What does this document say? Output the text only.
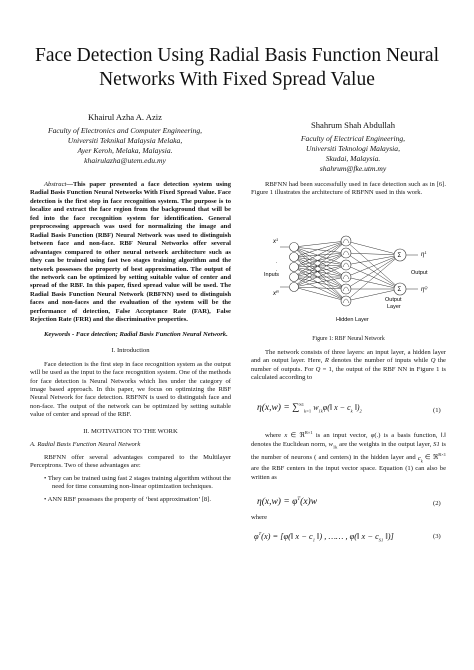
Face Detection Using Radial Basis Function Neural
Networks With Fixed Spread Value
Khairul Azha A. Aziz
Faculty of Electronics and Computer Engineering,
Universiti Teknikal Malaysia Melaka,
Ayer Keroh, Melaka, Malaysia.
khairulazha@utem.edu.my
Shahrum Shah Abdullah
Faculty of Electrical Engineering,
Universiti Teknologi Malaysia,
Skudai, Malaysia.
shahrum@fke.utm.my

Abstract—This paper presented a face detection system using Radial Basis Function Neural Networks With Fixed Spread Value. Face detection is the first step in face recognition system. The purpose is to localize and extract the face region from the background that will be fed into the face recognition system for identification. General preprocessing approach was used for normalizing the image and Radial Basis Function (RBF) Neural Network was used to distinguish between face and non-face. RBF Neural Networks offer several advantages compared to other neural network architecture such as they can be trained using fast two stages training algorithm and the network possesses the property of best approximation. The output of the network can be optimized by setting suitable value of center and spread of the RBF. In this paper, fixed spread value will be used. The Radial Basis Function Neural Network (RBFNN) used to distinguish faces and non-faces and the evaluation of the system will be the performance of detection, False Acceptance Rate (FAR), False Rejection Rate (FRR) and the discriminative properties.

Keywords - Face detection; Radial Basis Function Neural Network.

I. Introduction

Face detection is the first step in face recognition system as the output will be used as the input to the face recognition system. One of the methods for face detection is Neural Networks which lies under the category of image based approach. In this paper, we focus on optimizing the RBF Neural Network for face detection. RBFNN is used to distinguish face and non-face. The output of the network can be optimized by setting suitable value of center and spread of the RBF.

II. MOTIVATION TO THE WORK

A. Radial Basis Function Neural Network

RBFNN offer several advantages compared to the Multilayer Perceptrons. Two of these advantages are:

• They can be trained using fast 2 stages training algorithm without the need for time consuming non-linear optimization techniques.

• ANN RBF possesses the property of ‘best approximation’ [8].

RBFNN had been successfully used in face detection such as in [6]. Figure 1 illustrates the architecture of RBFNN used in this work.

.
.
Σ
Σ
Inputs	Output
Output
Layer
Hidden Layer
$x^1$
$x^R$
$\eta^1$
$\eta^Q$
Figure 1: RBF Neural Network

The network consists of three layers: an input layer, a hidden layer and an output layer. Here, R denotes the number of inputs while Q the number of outputs. For Q = 1, the output of the RBF NN in Figure 1 is calculated according to

η(x,w) = ∑$^{S1}_{k=1}$ $w_{1k}\varphi(‖$ $x - c_k$ $‖)_2$	(1)

where x ∈ ℜ$^{R\times 1}$ is an input vector, φ(.) is a basis function, ‖.‖ denotes the Euclidean norm, $w_{1k}$ are the weights in the output layer, S1 is the number of neurons ( and centers) in the hidden layer and $c_k$ ∈ ℜ$^{R\times 1}$ are the RBF centers in the input vector space. Equation (1) can also be written as

$\eta(x,w) = \varphi^T(x)w$	(2)
where
$\varphi^T(x)$ = [φ(‖ $x - c_1$ ‖) , …… , φ(‖ $x - c_{S1}$ ‖)]	(3)
